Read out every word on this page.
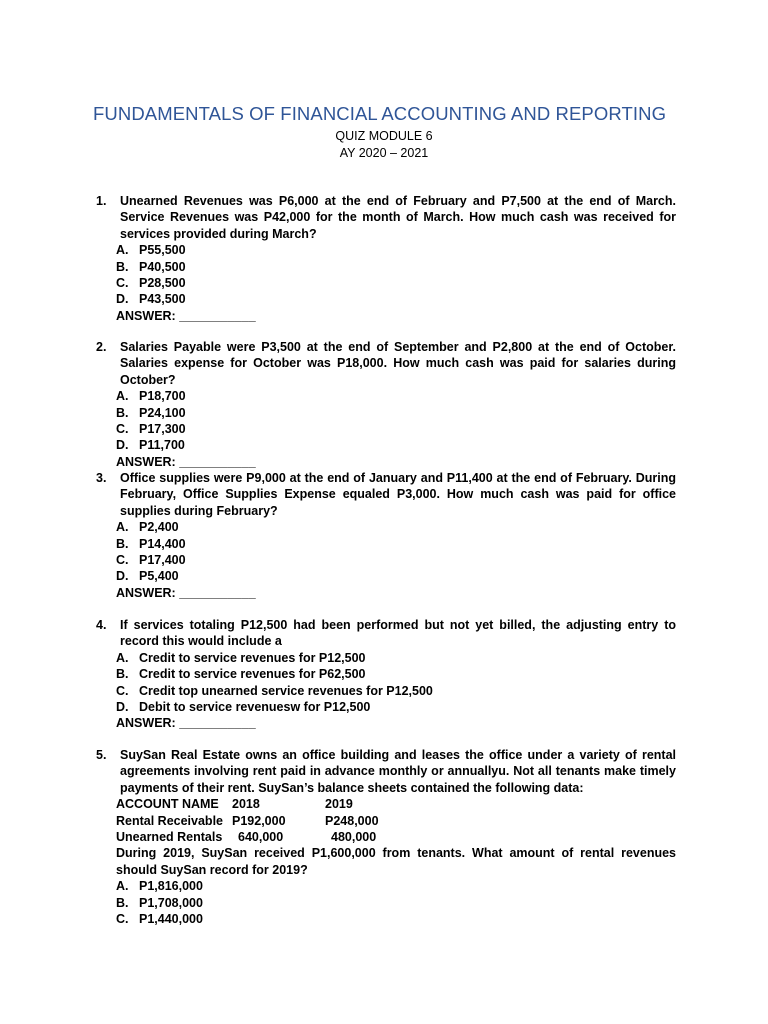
FUNDAMENTALS OF FINANCIAL ACCOUNTING AND REPORTING
QUIZ MODULE 6
AY 2020 – 2021
1.	Unearned Revenues was P6,000 at the end of February and P7,500 at the end of March. Service Revenues was P42,000 for the month of March. How much cash was received for services provided during March?
A. P55,500
B. P40,500
C. P28,500
D. P43,500
ANSWER: ___________
2.	Salaries Payable were P3,500 at the end of September and P2,800 at the end of October. Salaries expense for October was P18,000. How much cash was paid for salaries during October?
A. P18,700
B. P24,100
C. P17,300
D. P11,700
ANSWER: ___________
3.	Office supplies were P9,000 at the end of January and P11,400 at the end of February. During February, Office Supplies Expense equaled P3,000. How much cash was paid for office supplies during February?
A. P2,400
B. P14,400
C. P17,400
D. P5,400
ANSWER: ___________
4.	If services totaling P12,500 had been performed but not yet billed, the adjusting entry to record this would include a
A. Credit to service revenues for P12,500
B. Credit to service revenues for P62,500
C. Credit top unearned service revenues for P12,500
D. Debit to service revenuesw for P12,500
ANSWER: ___________
5.	SuySan Real Estate owns an office building and leases the office under a variety of rental agreements involving rent paid in advance monthly or annuallyu. Not all tenants make timely payments of their rent. SuySan’s balance sheets contained the following data:
ACCOUNT NAME	2018	2019
Rental Receivable P192,000	P248,000
Unearned Rentals	640,000	480,000
During 2019, SuySan received P1,600,000 from tenants. What amount of rental revenues should SuySan record for 2019?
A. P1,816,000
B. P1,708,000
C. P1,440,000
